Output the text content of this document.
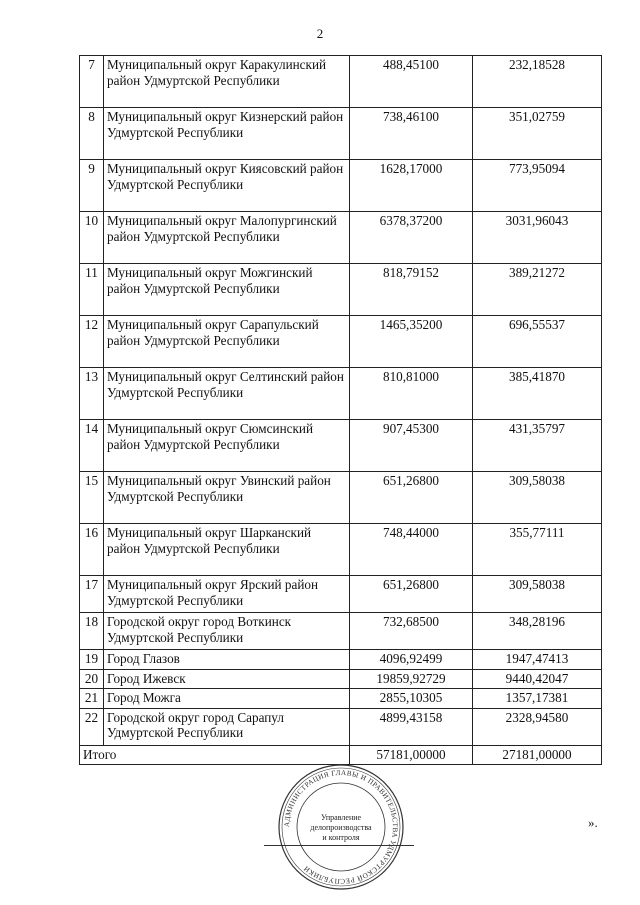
2
7	Муниципальный округ Каракулинский район Удмуртской Республики	488,45100	232,18528
8	Муниципальный округ Кизнерский район Удмуртской Республики	738,46100	351,02759
9	Муниципальный округ Киясовский район Удмуртской Республики	1628,17000	773,95094
10	Муниципальный округ Малопургинский район Удмуртской Республики	6378,37200	3031,96043
11	Муниципальный округ Можгинский район Удмуртской Республики	818,79152	389,21272
12	Муниципальный округ Сарапульский район Удмуртской Республики	1465,35200	696,55537
13	Муниципальный округ Селтинский район Удмуртской Республики	810,81000	385,41870
14	Муниципальный округ Сюмсинский район Удмуртской Республики	907,45300	431,35797
15	Муниципальный округ Увинский район Удмуртской Республики	651,26800	309,58038
16	Муниципальный округ Шарканский район Удмуртской Республики	748,44000	355,77111
17	Муниципальный округ Ярский район Удмуртской Республики	651,26800	309,58038
18	Городской округ город Воткинск Удмуртской Республики	732,68500	348,28196
19	Город Глазов	4096,92499	1947,47413
20	Город Ижевск	19859,92729	9440,42047
21	Город Можга	2855,10305	1357,17381
22	Городской округ город Сарапул Удмуртской Республики	4899,43158	2328,94580
Итого		57181,00000	27181,00000
».
АДМИНИСТРАЦИЯ ГЛАВЫ И ПРАВИТЕЛЬСТВА УДМУРТСКОЙ РЕСПУБЛИКИ
Управление
делопроизводства
и контроля
